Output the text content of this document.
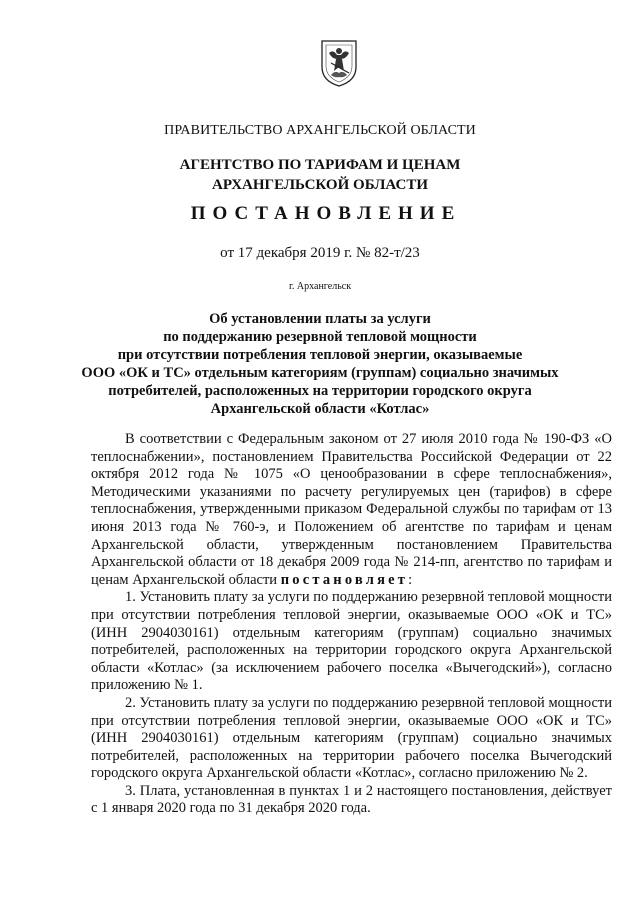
ПРАВИТЕЛЬСТВО АРХАНГЕЛЬСКОЙ ОБЛАСТИ
АГЕНТСТВО ПО ТАРИФАМ И ЦЕНАМ
АРХАНГЕЛЬСКОЙ ОБЛАСТИ
ПОСТАНОВЛЕНИЕ
от 17 декабря 2019 г. № 82-т/23
г. Архангельск
Об установлении платы за услуги
по поддержанию резервной тепловой мощности
при отсутствии потребления тепловой энергии, оказываемые
ООО «ОК и ТС» отдельным категориям (группам) социально значимых
потребителей, расположенных на территории городского округа
Архангельской области «Котлас»

В соответствии с Федеральным законом от 27 июля 2010 года № 190-ФЗ «О теплоснабжении», постановлением Правительства Российской Федерации от 22 октября 2012 года № 1075 «О ценообразовании в сфере теплоснабжения», Методическими указаниями по расчету регулируемых цен (тарифов) в сфере теплоснабжения, утвержденными приказом Федеральной службы по тарифам от 13 июня 2013 года № 760-э, и Положением об агентстве по тарифам и ценам Архангельской области, утвержденным постановлением Правительства Архангельской области от 18 декабря 2009 года № 214-пп, агентство по тарифам и ценам Архангельской области постановляет:

1. Установить плату за услуги по поддержанию резервной тепловой мощности при отсутствии потребления тепловой энергии, оказываемые ООО «ОК и ТС» (ИНН 2904030161) отдельным категориям (группам) социально значимых потребителей, расположенных на территории городского округа Архангельской области «Котлас» (за исключением рабочего поселка «Вычегодский»), согласно приложению № 1.

2. Установить плату за услуги по поддержанию резервной тепловой мощности при отсутствии потребления тепловой энергии, оказываемые ООО «ОК и ТС» (ИНН 2904030161) отдельным категориям (группам) социально значимых потребителей, расположенных на территории рабочего поселка Вычегодский городского округа Архангельской области «Котлас», согласно приложению № 2.

3. Плата, установленная в пунктах 1 и 2 настоящего постановления, действует с 1 января 2020 года по 31 декабря 2020 года.
